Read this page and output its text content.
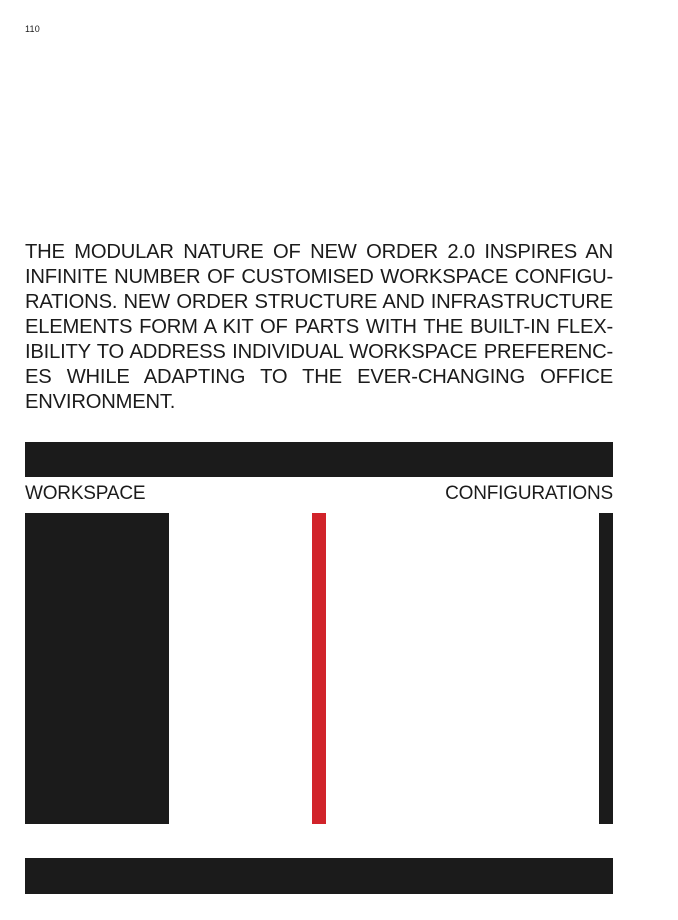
110

THE MODULAR NATURE OF NEW ORDER 2.0 INSPIRES AN INFINITE NUMBER OF CUSTOMISED WORKSPACE CONFIGU-RATIONS. NEW ORDER STRUCTURE AND INFRASTRUCTURE ELEMENTS FORM A KIT OF PARTS WITH THE BUILT-IN FLEX-IBILITY TO ADDRESS INDIVIDUAL WORKSPACE PREFERENC-ES WHILE ADAPTING TO THE EVER-CHANGING OFFICE ENVIRONMENT.

WORKSPACE	CONFIGURATIONS
